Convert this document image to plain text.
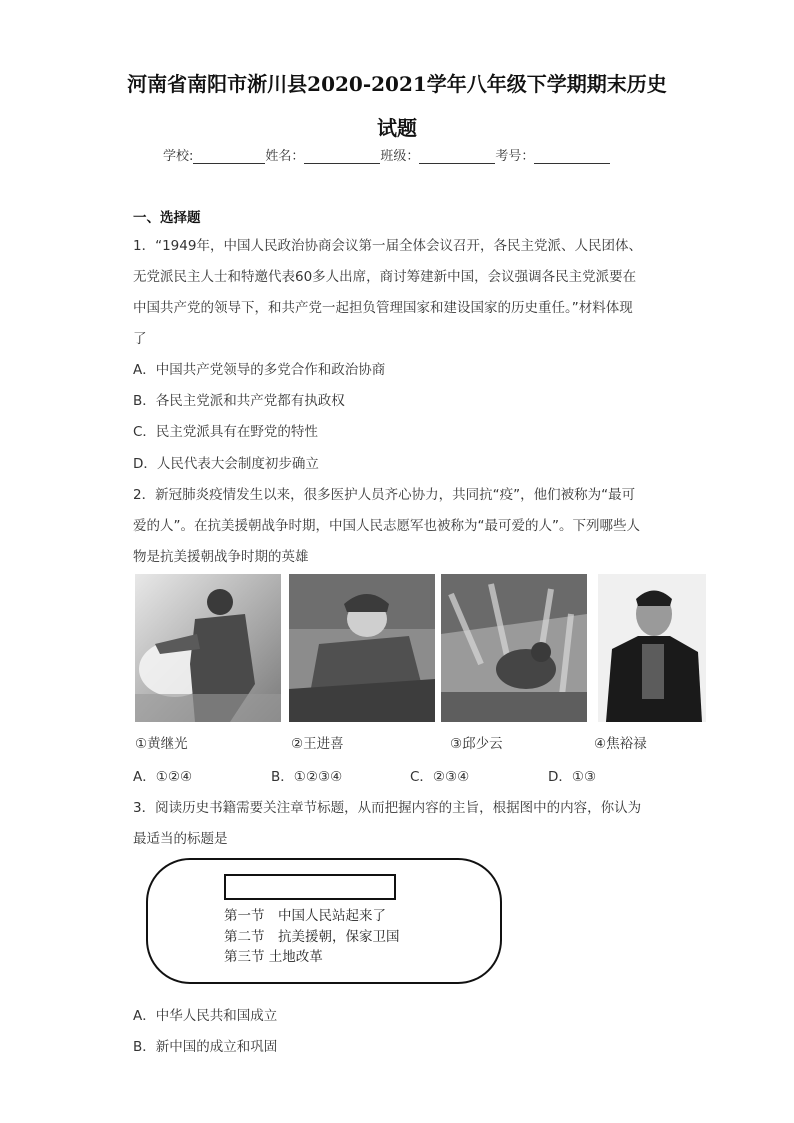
河南省南阳市淅川县2020-2021学年八年级下学期期末历史
试题
学校:	姓名：	班级：	考号：
一、选择题
1．“1949年，中国人民政治协商会议第一届全体会议召开，各民主党派、人民团体、
无党派民主人士和特邀代表60多人出席，商讨筹建新中国，会议强调各民主党派要在
中国共产党的领导下，和共产党一起担负管理国家和建设国家的历史重任。”材料体现
了
A．中国共产党领导的多党合作和政治协商
B．各民主党派和共产党都有执政权
C．民主党派具有在野党的特性
D．人民代表大会制度初步确立
2．新冠肺炎疫情发生以来，很多医护人员齐心协力，共同抗“疫”，他们被称为“最可
爱的人”。在抗美援朝战争时期，中国人民志愿军也被称为“最可爱的人”。下列哪些人
物是抗美援朝战争时期的英雄
①黄继光	②王进喜	③邱少云	④焦裕禄
A．①②④	B．①②③④	C．②③④	D．①③
3．阅读历史书籍需要关注章节标题，从而把握内容的主旨，根据图中的内容，你认为
最适当的标题是
第一节　中国人民站起来了
第二节　抗美援朝，保家卫国
第三节 土地改革
A．中华人民共和国成立
B．新中国的成立和巩固
